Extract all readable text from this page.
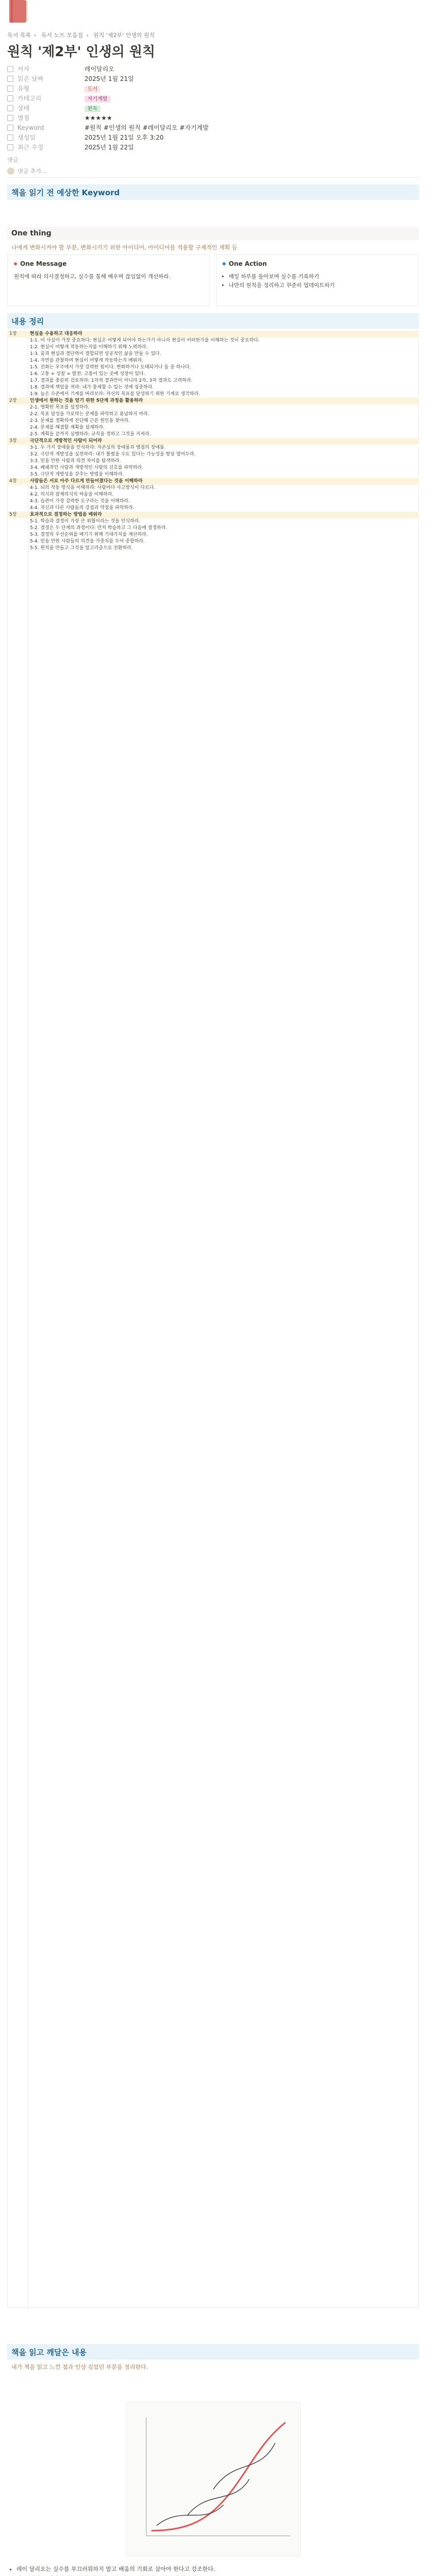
독서 목록 › 독서 노트 모음집 › 원칙 '제2부' 인생의 원칙
원칙 '제2부' 인생의 원칙
저자	레이달리오
읽은 날짜	2025년 1월 21일
유형	도서
카테고리	자기계발
상태	완독
별점	★★★★★
Keyword	#원칙 #인생의 원칙 #레이달리오 #자기계발
생성일	2025년 1월 21일 오후 3:20
최근 수정	2025년 1월 22일
댓글
댓글 추가...
책을 읽기 전 예상한 Keyword
One thing
나에게 변화시켜야 할 부분, 변화시키기 위한 아이디어, 아이디어를 적용할 구체적인 계획 등
One Message

원칙에 따라 의사결정하고, 실수를 통해 배우며 끊임없이 개선하라.

One Action
• 매일 하루를 돌아보며 실수를 기록하기
• 나만의 원칙을 정리하고 꾸준히 업데이트하기
내용 정리
1장	현실을 수용하고 대응하라
1-1. 이 사실이 가장 중요하다: 현실은 어떻게 되어야 하는가가 아니라 현실이 어떠한가를 이해하는 것이 중요하다.
1-2. 현실이 어떻게 작동하는지를 이해하기 위해 노력하라.
1-3. 꿈과 현실과 결단력이 결합되면 성공적인 삶을 만들 수 있다.
1-4. 자연을 관찰하며 현실이 어떻게 작동하는지 배워라.
1-5. 진화는 우주에서 가장 강력한 힘이다. 변화하거나 도태되거나 둘 중 하나다.
1-6. 고통 + 성찰 = 발전: 고통이 있는 곳에 성장이 있다.
1-7. 결과를 충분히 검토하라: 1차적 결과만이 아니라 2차, 3차 결과도 고려하라.
1-8. 결과에 책임을 져라: 내가 통제할 수 있는 것에 집중하라.
1-9. 높은 수준에서 기계를 바라보라: 자신의 목표를 달성하기 위한 기계로 생각하라.
2장	인생에서 원하는 것을 얻기 위한 5단계 과정을 활용하라
2-1. 명확한 목표를 설정하라.
2-2. 목표 달성을 가로막는 문제를 파악하고 용납하지 마라.
2-3. 문제를 정확하게 진단해 근본 원인을 찾아라.
2-4. 문제를 해결할 계획을 설계하라.
2-5. 계획을 끝까지 실행하라: 규칙을 정하고 그것을 지켜라.
3장	극단적으로 개방적인 사람이 되어라
3-1. 두 가지 장애물을 인식하라: 자존심의 장애물과 맹점의 장애물.
3-2. 극단적 개방성을 실천하라: 내가 틀렸을 수도 있다는 가능성을 항상 열어두라.
3-3. 믿을 만한 사람과 의견 차이를 탐색하라.
3-4. 폐쇄적인 사람과 개방적인 사람의 신호를 파악하라.
3-5. 극단적 개방성을 갖추는 방법을 이해하라.
4장	사람들은 서로 아주 다르게 만들어졌다는 것을 이해하라
4-1. 뇌의 작동 방식을 이해하라: 사람마다 사고방식이 다르다.
4-2. 의식과 잠재의식의 싸움을 이해하라.
4-3. 습관이 가장 강력한 도구라는 것을 이해하라.
4-4. 자신과 다른 사람들의 강점과 약점을 파악하라.
5장	효과적으로 결정하는 방법을 배워라
5-1. 학습과 결정이 가장 큰 위협이라는 것을 인식하라.
5-2. 결정은 두 단계의 과정이다: 먼저 학습하고 그 다음에 결정하라.
5-3. 결정의 우선순위를 매기기 위해 기대가치를 계산하라.
5-4. 믿을 만한 사람들의 의견을 가중치를 두어 종합하라.
5-5. 원칙을 만들고 그것을 알고리즘으로 전환하라.
책을 읽고 깨달은 내용
내가 책을 읽고 느낀 점과 인상 깊었던 부분을 정리한다.
• 레이 달리오는 실수를 부끄러워하지 말고 배움의 기회로 삼아야 한다고 강조한다.
•
